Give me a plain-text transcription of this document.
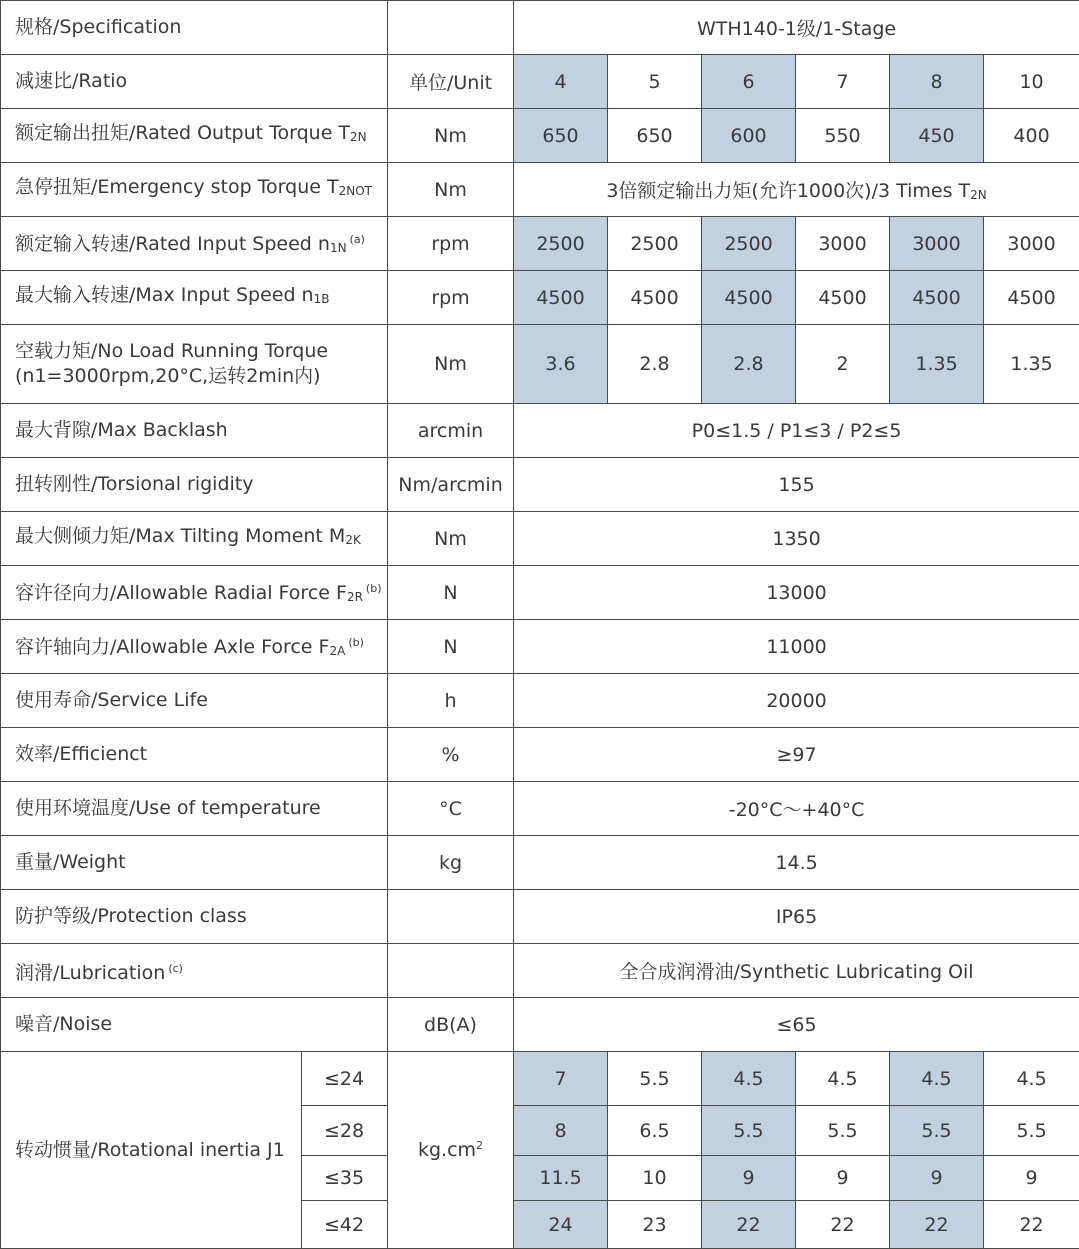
规格/Specification			WTH140-1级/1-Stage					
减速比/Ratio		单位/Unit	4	5	6	7	8	10
额定输出扭矩/Rated Output Torque T2N		Nm	650	650	600	550	450	400
急停扭矩/Emergency stop Torque T2NOT		Nm	3倍额定输出力矩(允许1000次)/3 Times T2N					
额定输入转速/Rated Input Speed $n1N^{(a)}$		rpm	2500	2500	2500	3000	3000	3000
最大输入转速/Max Input Speed n1B		rpm	4500	4500	4500	4500	4500	4500
空载力矩/No Load Running Torque
(n1=3000rpm,20°C,运转2min内)		Nm	3.6	2.8	2.8	2	1.35	1.35
最大背隙/Max Backlash		arcmin	P0≤1.5 / P1≤3 / P2≤5					
扭转刚性/Torsional rigidity		Nm/arcmin	155					
最大侧倾力矩/Max Tilting Moment M2K		Nm	1350					
容许径向力/Allowable Radial Force $F2R^{(b)}$		N	13000					
容许轴向力/Allowable Axle Force $F2A^{(b)}$		N	11000					
使用寿命/Service Life		h	20000					
效率/Efficienct		%	≥97					
使用环境温度/Use of temperature		°C	-20°C～+40°C					
重量/Weight		kg	14.5					
防护等级/Protection class			IP65					
润滑/Lubrication $^{(c)}$			全合成润滑油/Synthetic Lubricating Oil					
噪音/Noise		dB(A)	≤65					
转动惯量/Rotational inertia J1	≤24	$kg.cm^2$	7	5.5	4.5	4.5	4.5	4.5
	≤28		8	6.5	5.5	5.5	5.5	5.5
	≤35		11.5	10	9	9	9	9
	≤42		24	23	22	22	22	22
